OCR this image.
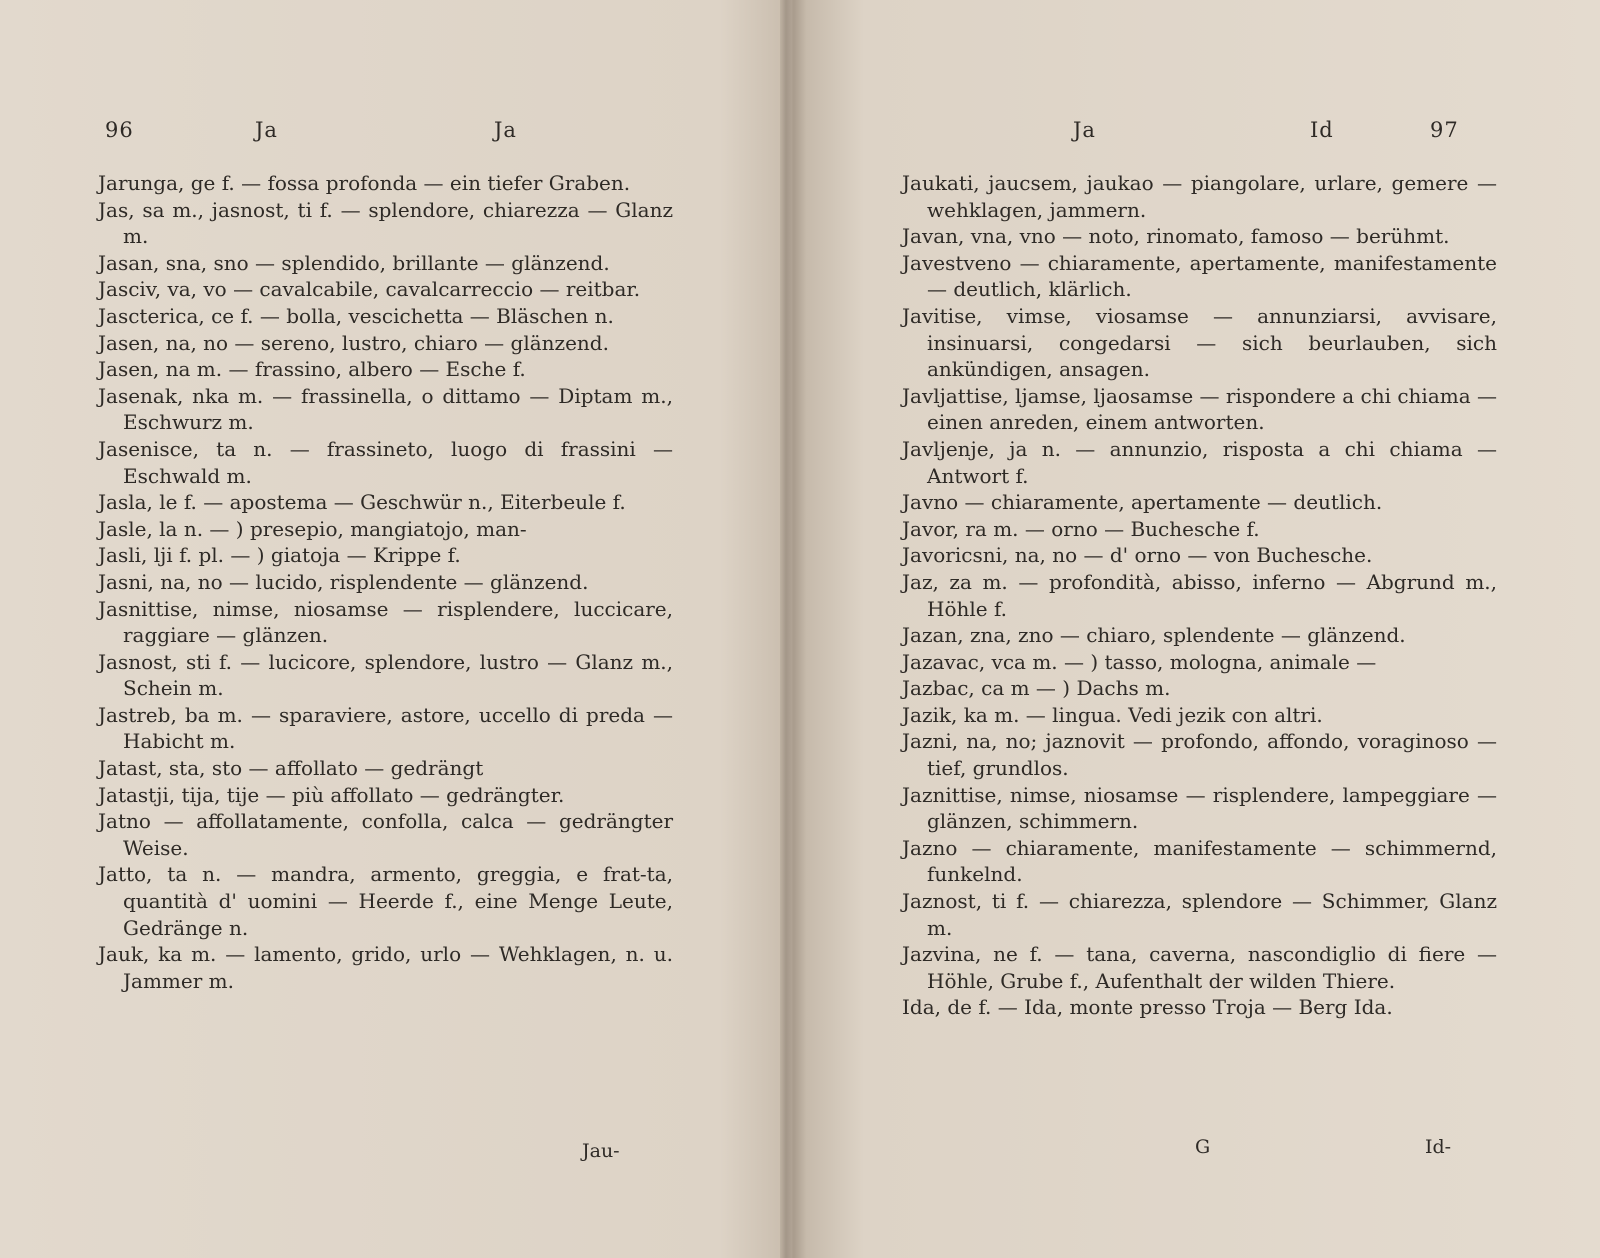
96	Ja	Ja

Jarunga, ge f. — fossa profonda — ein tiefer Graben.

Jas, sa m., jasnost, ti f. — splendore, chiarezza — Glanz m.

Jasan, sna, sno — splendido, brillante — glänzend.

Jasciv, va, vo — cavalcabile, cavalcarreccio — reitbar.

Jascterica, ce f. — bolla, vescichetta — Bläschen n.

Jasen, na, no — sereno, lustro, chiaro — glänzend.

Jasen, na m. — frassino, albero — Esche f.

Jasenak, nka m. — frassinella, o dittamo — Diptam m., Eschwurz m.

Jasenisce, ta n. — frassineto, luogo di frassini — Eschwald m.

Jasla, le f. — apostema — Geschwür n., Eiterbeule f.

Jasle, la n. — ) presepio, mangiatojo, man-

Jasli, lji f. pl. — ) giatoja — Krippe f.

Jasni, na, no — lucido, risplendente — glänzend.

Jasnittise, nimse, niosamse — risplendere, luccicare, raggiare — glänzen.

Jasnost, sti f. — lucicore, splendore, lustro — Glanz m., Schein m.

Jastreb, ba m. — sparaviere, astore, uccello di preda — Habicht m.

Jatast, sta, sto — affollato — gedrängt

Jatastji, tija, tije — più affollato — gedrängter.

Jatno — affollatamente, confolla, calca — gedrängter Weise.

Jatto, ta n. — mandra, armento, greggia, e frat-ta, quantità d' uomini — Heerde f., eine Menge Leute, Gedränge n.

Jauk, ka m. — lamento, grido, urlo — Wehklagen, n. u. Jammer m.

Jau-
Ja	Id	97

Jaukati, jaucsem, jaukao — piangolare, urlare, gemere — wehklagen, jammern.

Javan, vna, vno — noto, rinomato, famoso — berühmt.

Javestveno — chiaramente, apertamente, manifestamente — deutlich, klärlich.

Javitise, vimse, viosamse — annunziarsi, avvisare, insinuarsi, congedarsi — sich beurlauben, sich ankündigen, ansagen.

Javljattise, ljamse, ljaosamse — rispondere a chi chiama — einen anreden, einem antworten.

Javljenje, ja n. — annunzio, risposta a chi chiama — Antwort f.

Javno — chiaramente, apertamente — deutlich.

Javor, ra m. — orno — Buchesche f.

Javoricsni, na, no — d' orno — von Buchesche.

Jaz, za m. — profondità, abisso, inferno — Abgrund m., Höhle f.

Jazan, zna, zno — chiaro, splendente — glänzend.

Jazavac, vca m. — ) tasso, mologna, animale —

Jazbac, ca m — ) Dachs m.

Jazik, ka m. — lingua. Vedi jezik con altri.

Jazni, na, no; jaznovit — profondo, affondo, voraginoso — tief, grundlos.

Jaznittise, nimse, niosamse — risplendere, lampeggiare — glänzen, schimmern.

Jazno — chiaramente, manifestamente — schimmernd, funkelnd.

Jaznost, ti f. — chiarezza, splendore — Schimmer, Glanz m.

Jazvina, ne f. — tana, caverna, nascondiglio di fiere — Höhle, Grube f., Aufenthalt der wilden Thiere.

Ida, de f. — Ida, monte presso Troja — Berg Ida.

G	Id-
